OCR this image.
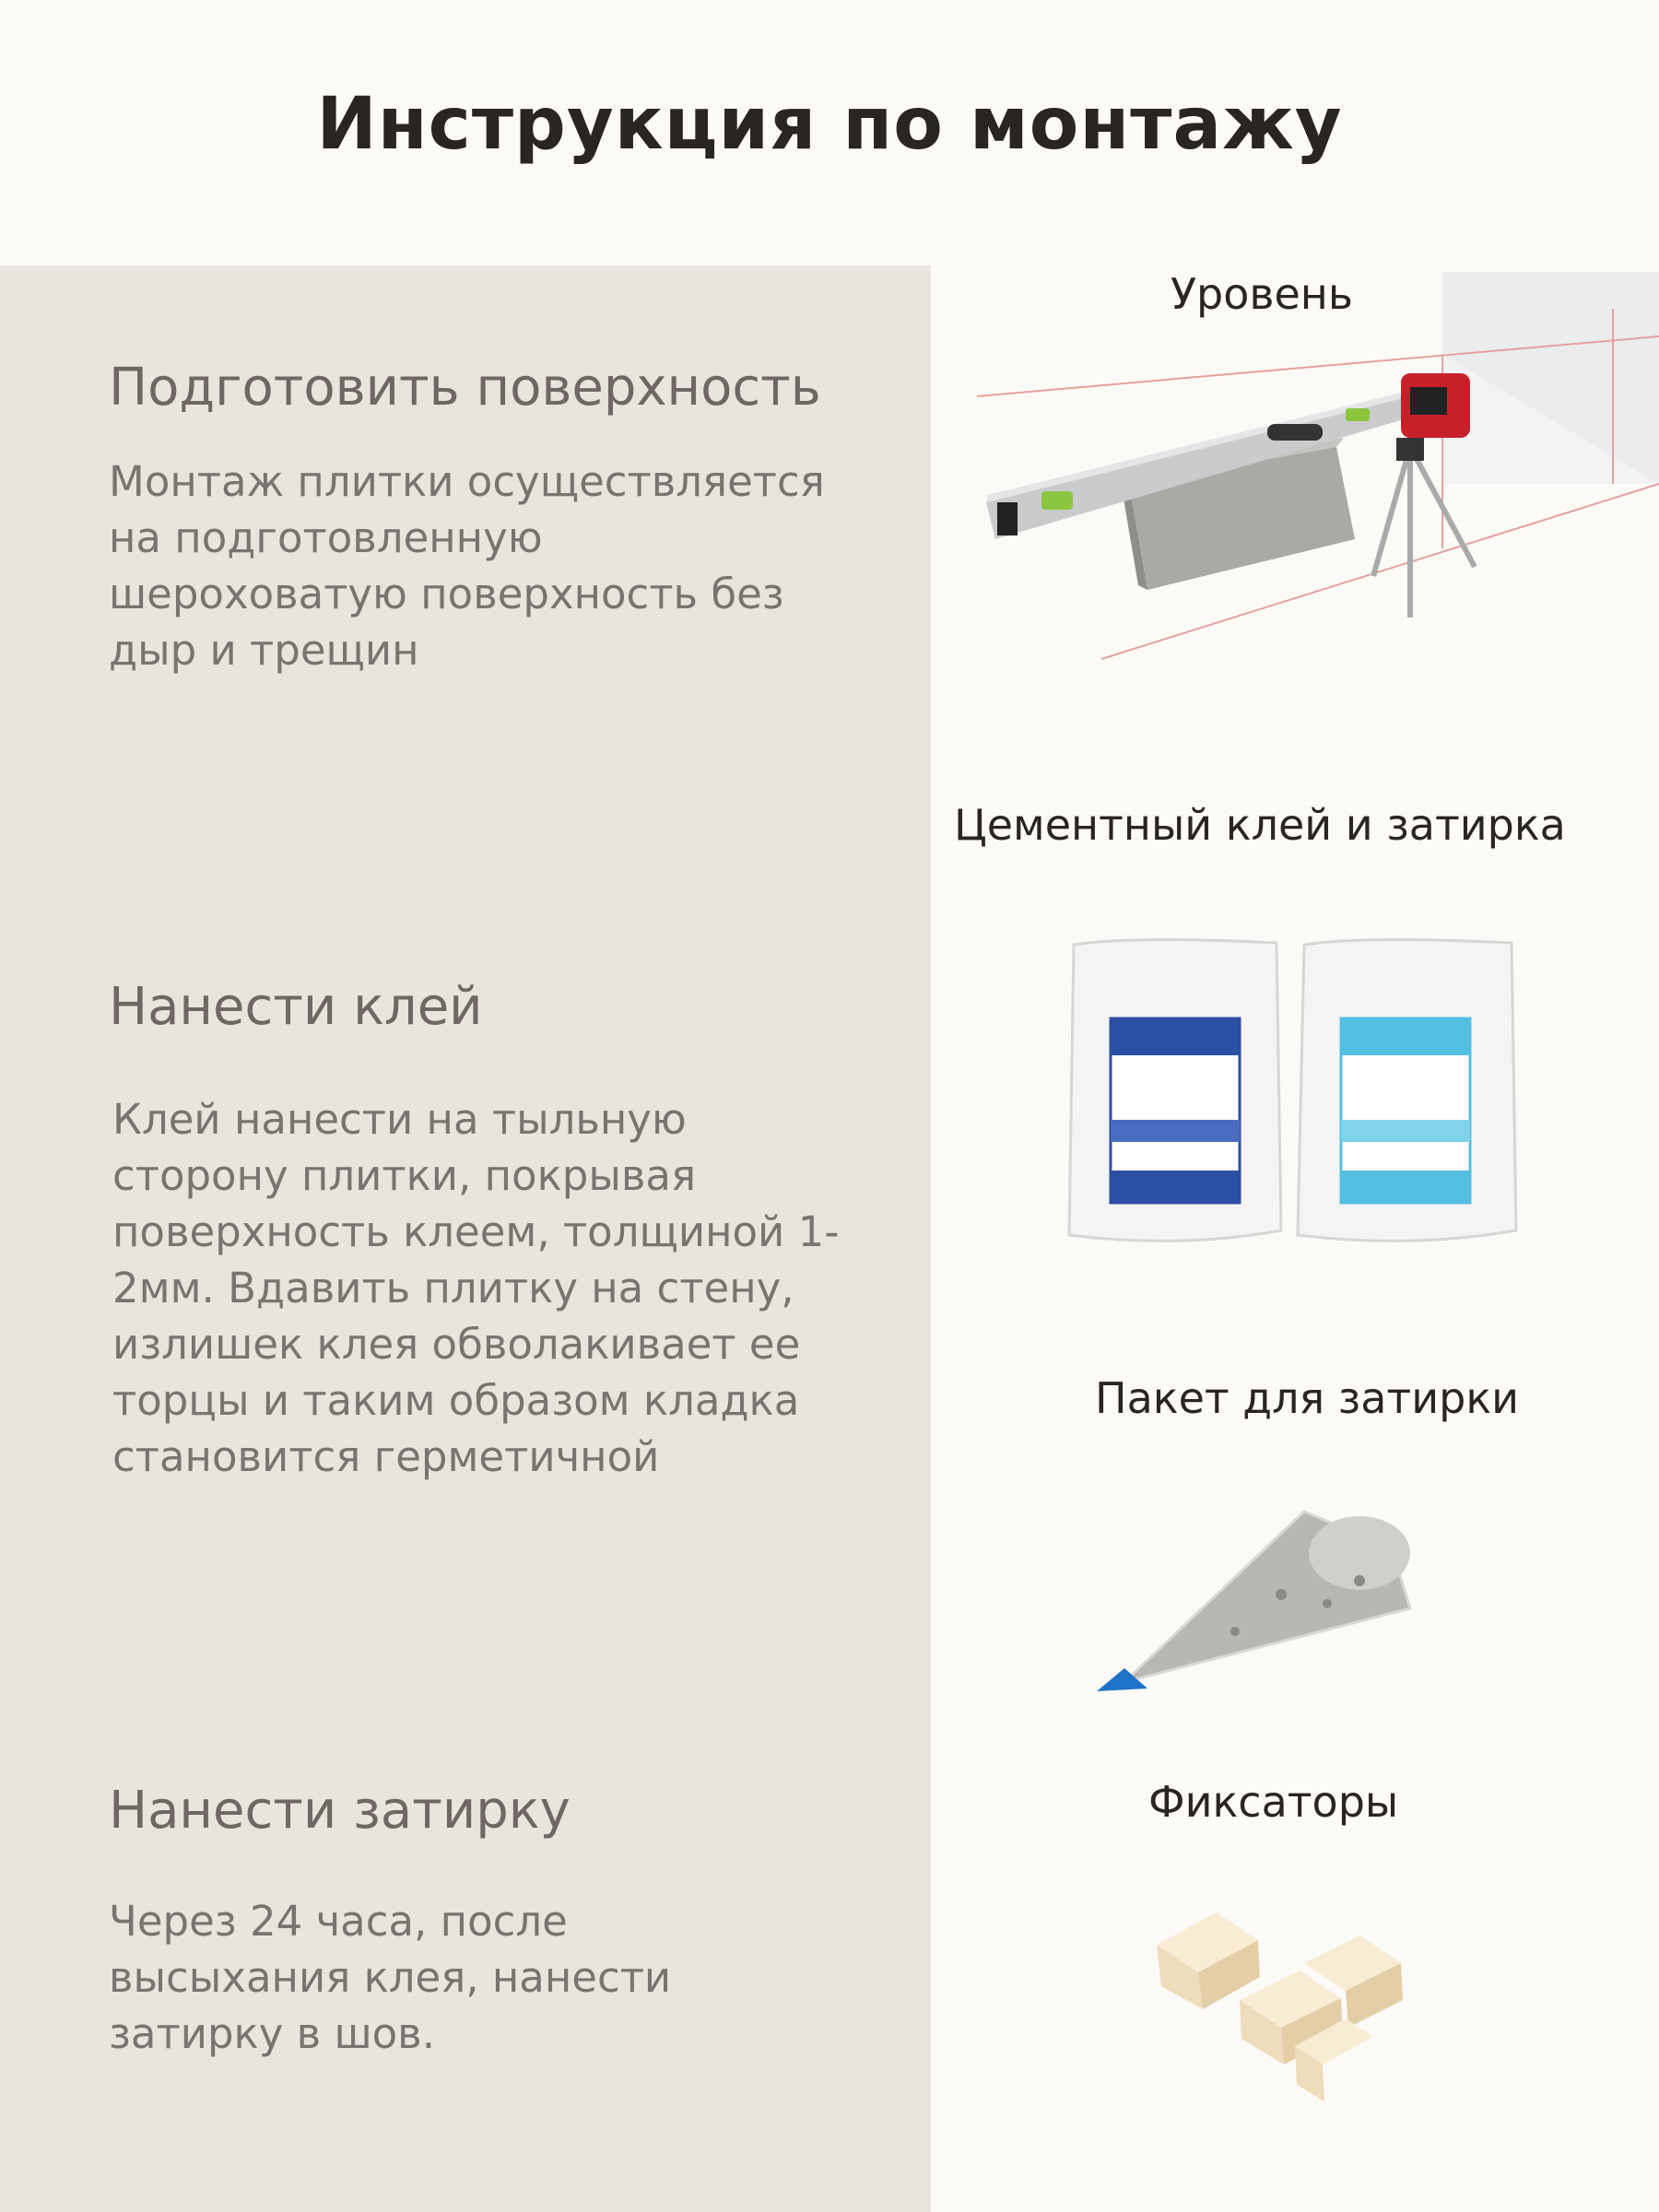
Инструкция по монтажу
Подготовить поверхность
Монтаж плитки осуществляется на подготовленную шероховатую поверхность без дыр и трещин
Нанести клей
Клей нанести на тыльную сторону плитки, покрывая поверхность клеем, толщиной 1-2мм. Вдавить плитку на стену, излишек клея обволакивает ее торцы и таким образом кладка становится герметичной
Нанести затирку
Через 24 часа, после высыхания клея, нанести затирку в шов.
Уровень
Цементный клей и затирка
Пакет для затирки
Фиксаторы
